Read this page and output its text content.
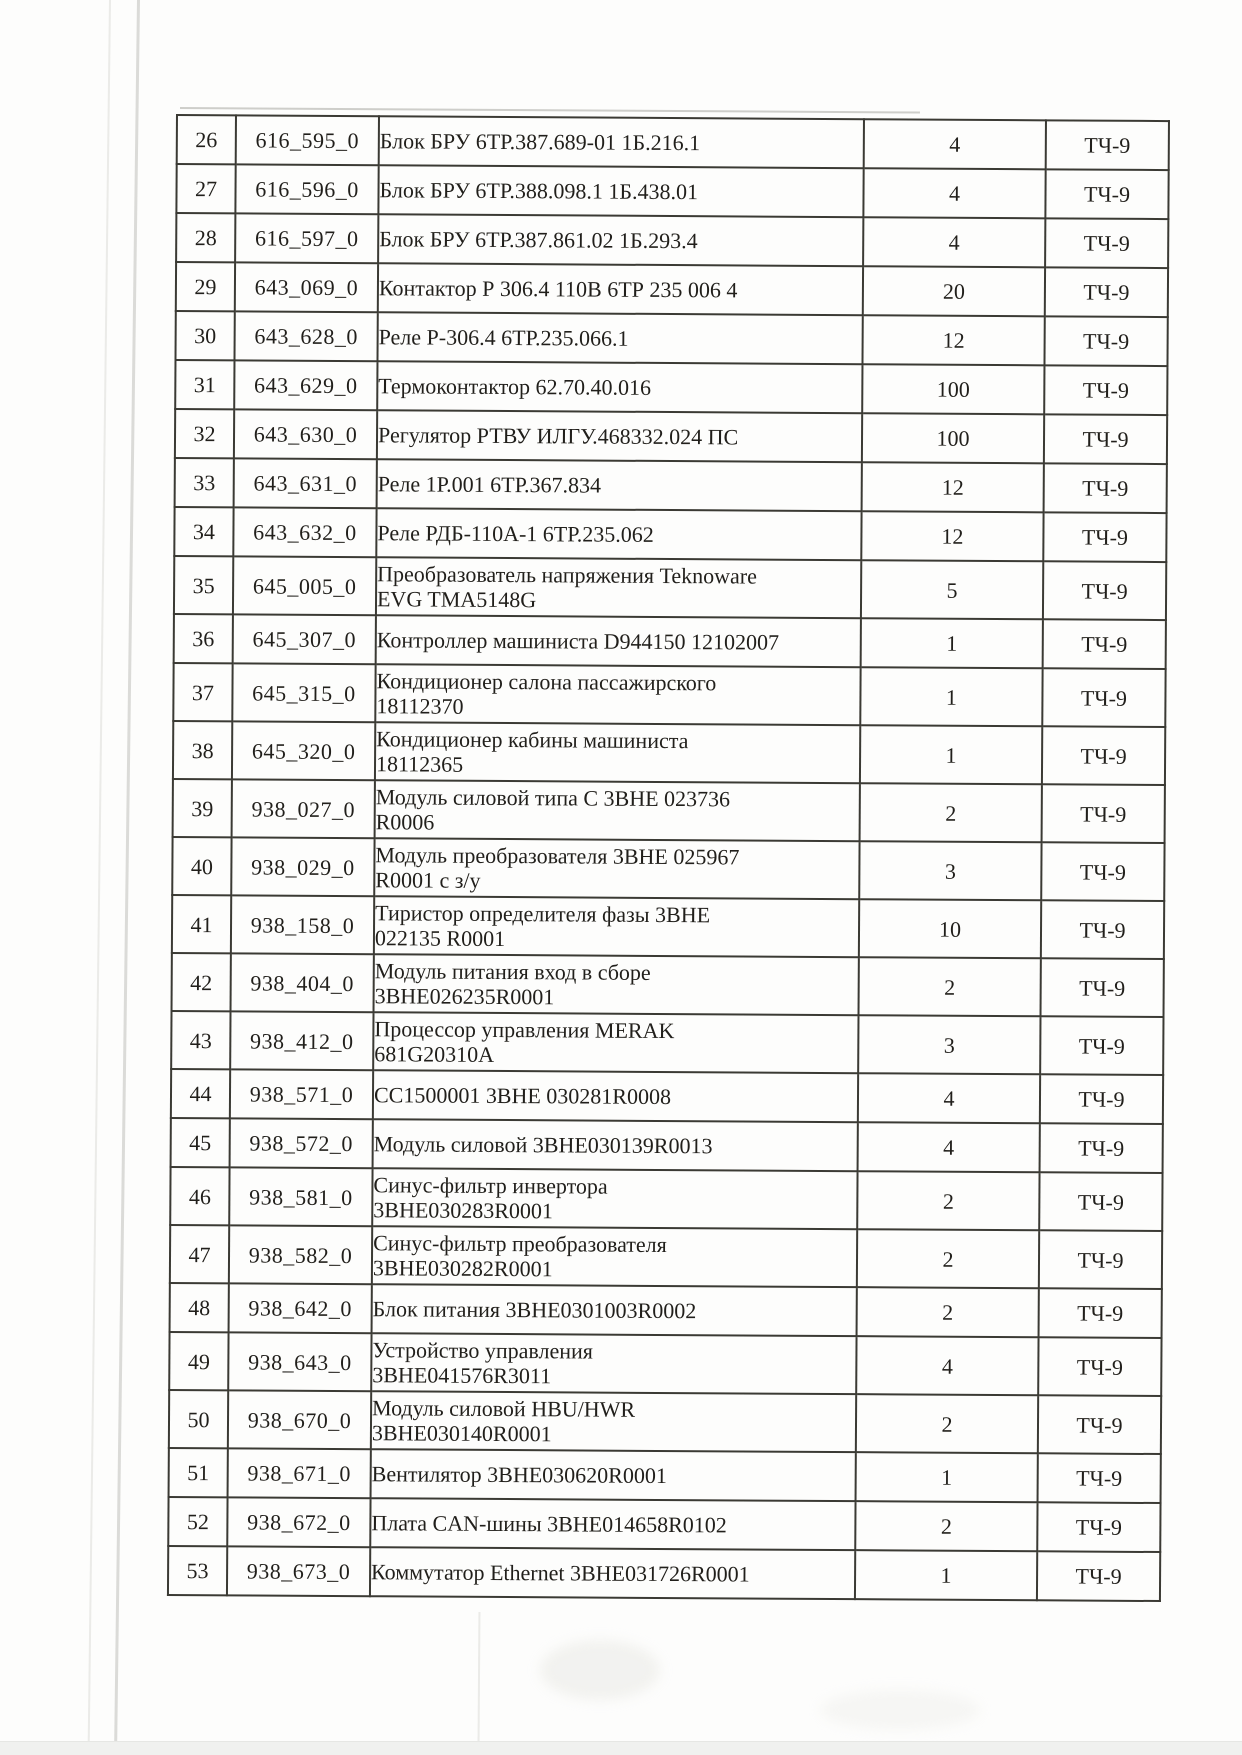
26	616_595_0	Блок БРУ 6ТР.387.689-01 1Б.216.1	4	ТЧ-9
27	616_596_0	Блок БРУ 6ТР.388.098.1 1Б.438.01	4	ТЧ-9
28	616_597_0	Блок БРУ 6ТР.387.861.02 1Б.293.4	4	ТЧ-9
29	643_069_0	Контактор Р 306.4 110В 6ТР 235 006 4	20	ТЧ-9
30	643_628_0	Реле Р-306.4 6ТР.235.066.1	12	ТЧ-9
31	643_629_0	Термоконтактор 62.70.40.016	100	ТЧ-9
32	643_630_0	Регулятор РТВУ ИЛГУ.468332.024 ПС	100	ТЧ-9
33	643_631_0	Реле 1Р.001 6ТР.367.834	12	ТЧ-9
34	643_632_0	Реле РДБ-110А-1 6ТР.235.062	12	ТЧ-9
35	645_005_0	Преобразователь напряжения Teknoware
EVG TMA5148G	5	ТЧ-9
36	645_307_0	Контроллер машиниста D944150 12102007	1	ТЧ-9
37	645_315_0	Кондиционер салона пассажирского
18112370	1	ТЧ-9
38	645_320_0	Кондиционер кабины машиниста
18112365	1	ТЧ-9
39	938_027_0	Модуль силовой типа С 3BHE 023736
R0006	2	ТЧ-9
40	938_029_0	Модуль преобразователя 3BHE 025967
R0001 с з/у	3	ТЧ-9
41	938_158_0	Тиристор определителя фазы 3BHE
022135 R0001	10	ТЧ-9
42	938_404_0	Модуль питания вход в сборе
3BHE026235R0001	2	ТЧ-9
43	938_412_0	Процессор управления MERAK
681G20310A	3	ТЧ-9
44	938_571_0	CC1500001 3BHE 030281R0008	4	ТЧ-9
45	938_572_0	Модуль силовой 3BHE030139R0013	4	ТЧ-9
46	938_581_0	Синус-фильтр инвертора
3BHE030283R0001	2	ТЧ-9
47	938_582_0	Синус-фильтр преобразователя
3BHE030282R0001	2	ТЧ-9
48	938_642_0	Блок питания 3BHE0301003R0002	2	ТЧ-9
49	938_643_0	Устройство управления
3BHE041576R3011	4	ТЧ-9
50	938_670_0	Модуль силовой HBU/HWR
3BHE030140R0001	2	ТЧ-9
51	938_671_0	Вентилятор 3BHE030620R0001	1	ТЧ-9
52	938_672_0	Плата CAN-шины 3BHE014658R0102	2	ТЧ-9
53	938_673_0	Коммутатор Ethernet 3BHE031726R0001	1	ТЧ-9
